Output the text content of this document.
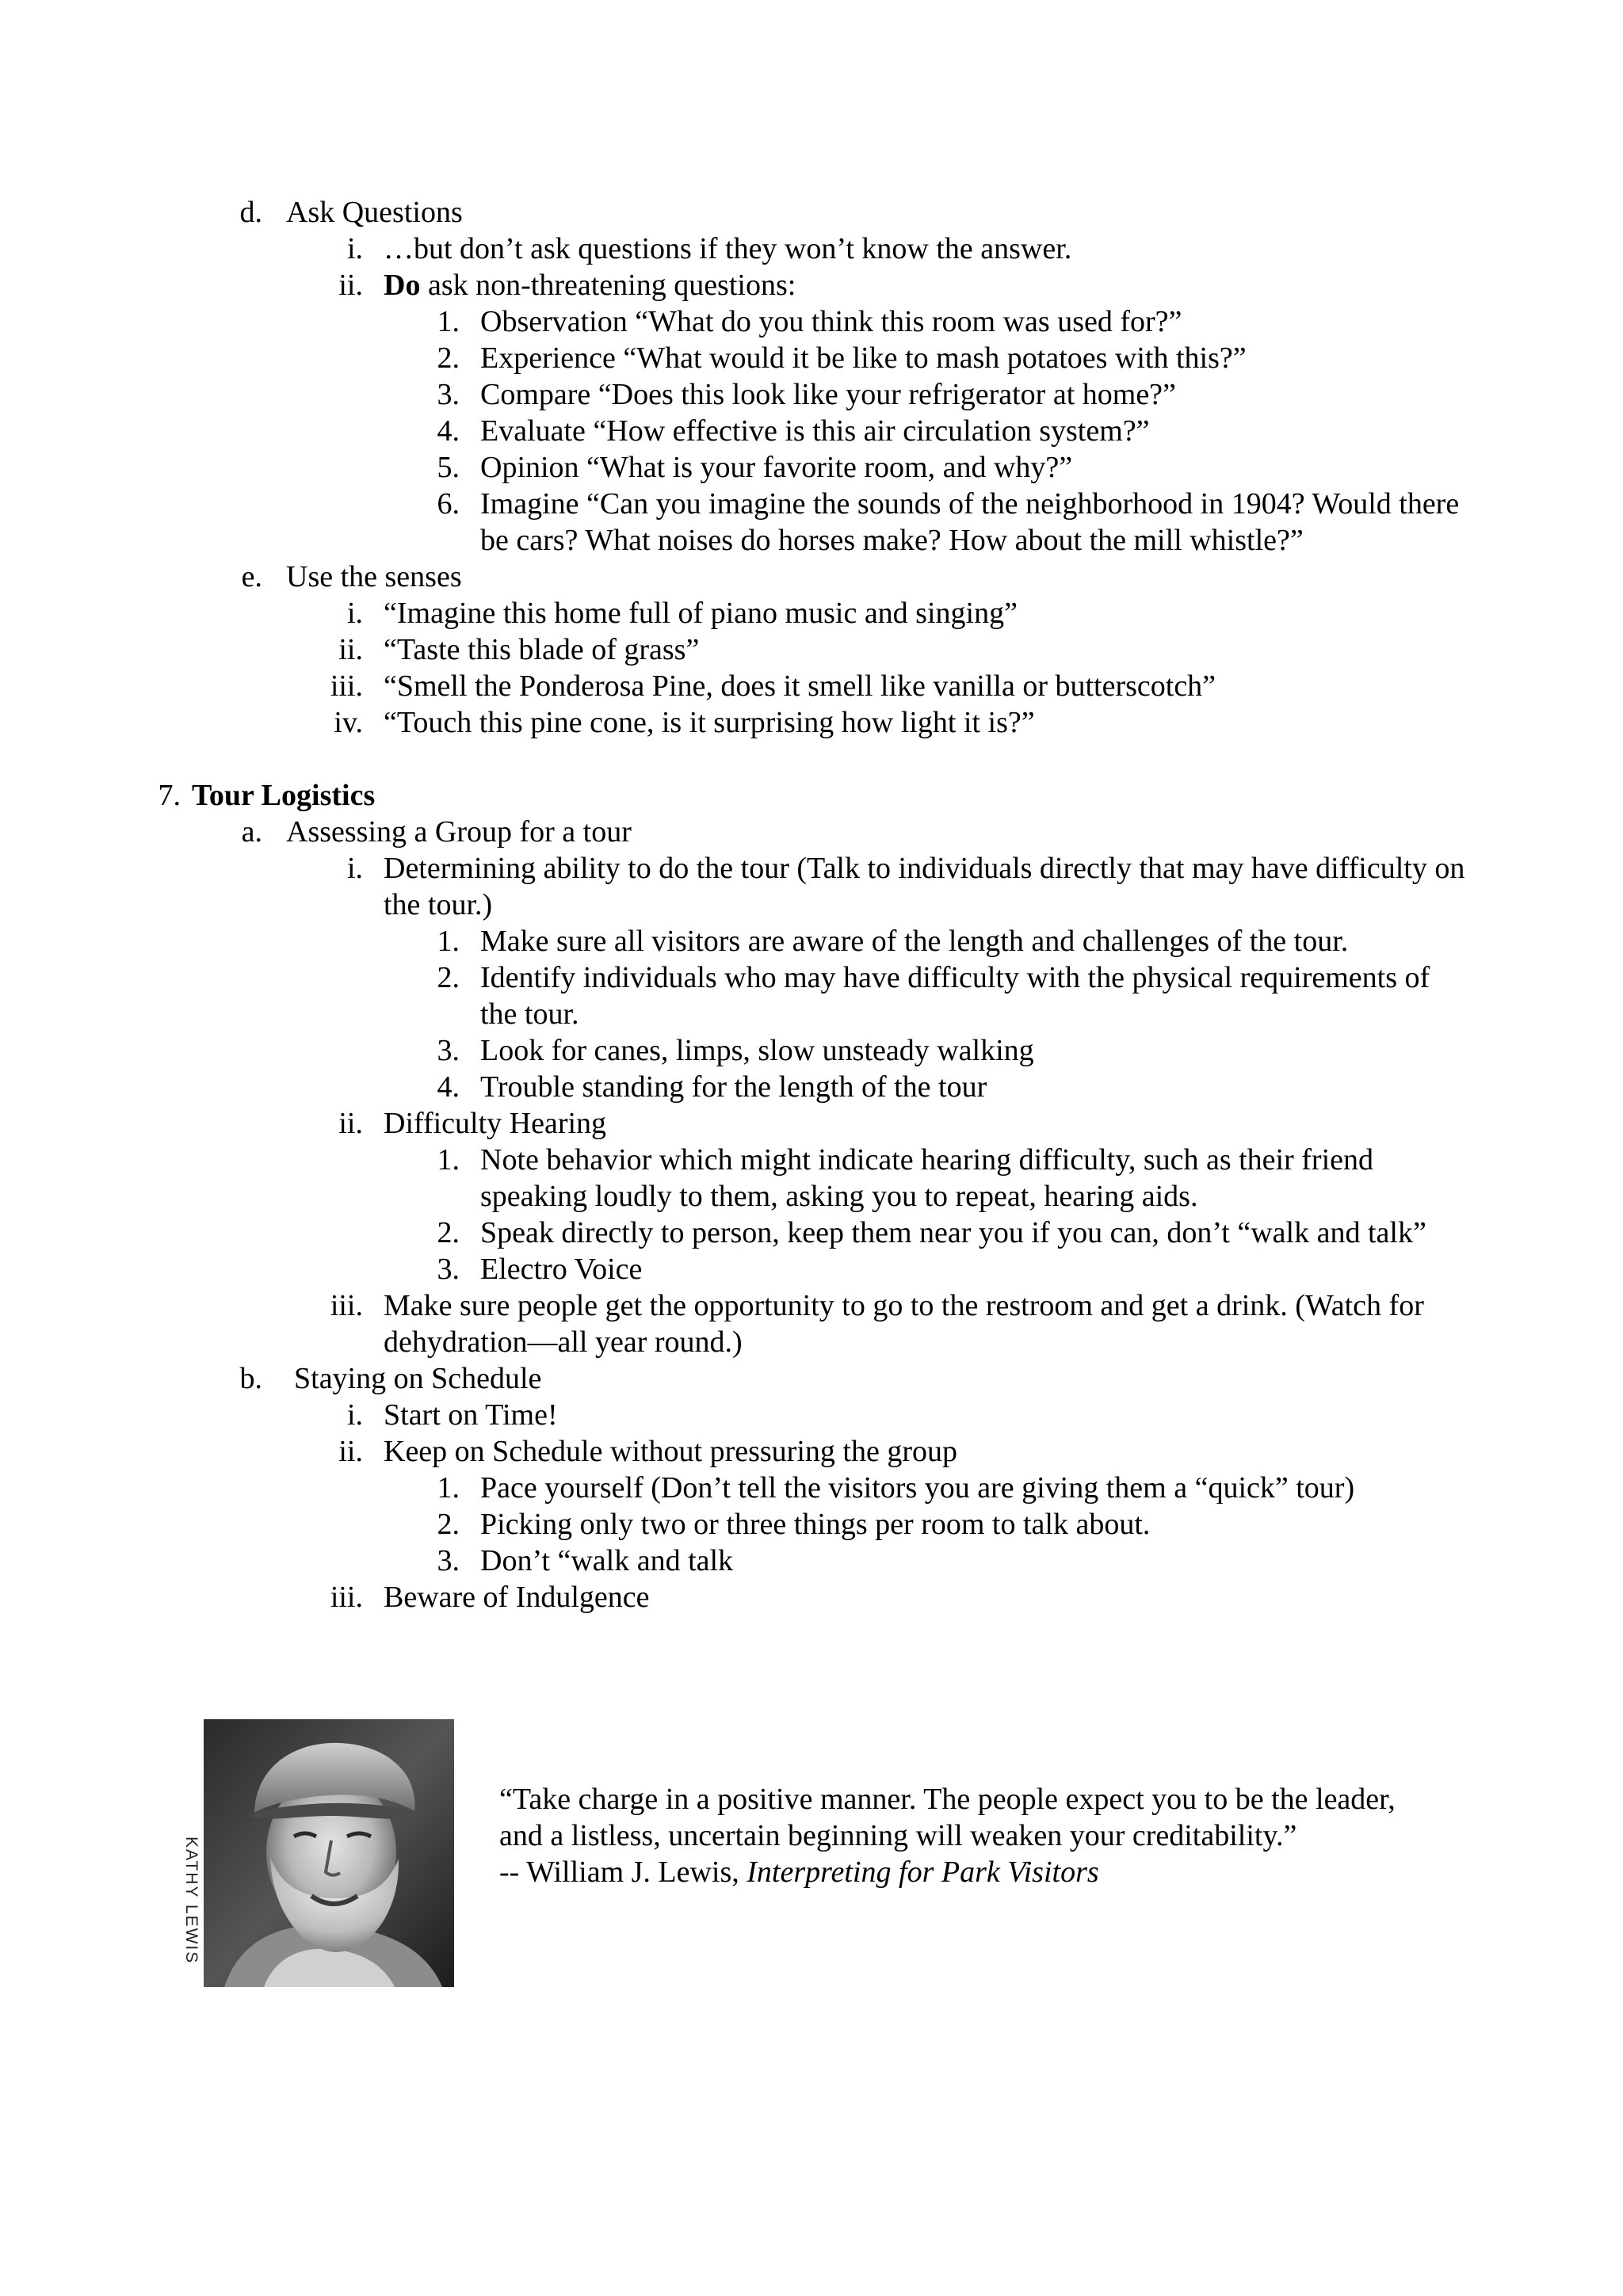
d. Ask Questions
i. …but don’t ask questions if they won’t know the answer.
ii. Do ask non-threatening questions:
1. Observation “What do you think this room was used for?”
2. Experience “What would it be like to mash potatoes with this?”
3. Compare “Does this look like your refrigerator at home?”
4. Evaluate “How effective is this air circulation system?”
5. Opinion “What is your favorite room, and why?”
6. Imagine “Can you imagine the sounds of the neighborhood in 1904? Would there
be cars? What noises do horses make? How about the mill whistle?”
e. Use the senses
i. “Imagine this home full of piano music and singing”
ii. “Taste this blade of grass”
iii. “Smell the Ponderosa Pine, does it smell like vanilla or butterscotch”
iv. “Touch this pine cone, is it surprising how light it is?”
7. Tour Logistics
a. Assessing a Group for a tour
i. Determining ability to do the tour (Talk to individuals directly that may have difficulty on
the tour.)
1. Make sure all visitors are aware of the length and challenges of the tour.
2. Identify individuals who may have difficulty with the physical requirements of
the tour.
3. Look for canes, limps, slow unsteady walking
4. Trouble standing for the length of the tour
ii. Difficulty Hearing
1. Note behavior which might indicate hearing difficulty, such as their friend
speaking loudly to them, asking you to repeat, hearing aids.
2. Speak directly to person, keep them near you if you can, don’t “walk and talk”
3. Electro Voice
iii. Make sure people get the opportunity to go to the restroom and get a drink. (Watch for
dehydration—all year round.)
b. Staying on Schedule
i. Start on Time!
ii. Keep on Schedule without pressuring the group
1. Pace yourself (Don’t tell the visitors you are giving them a “quick” tour)
2. Picking only two or three things per room to talk about.
3. Don’t “walk and talk
iii. Beware of Indulgence
KATHY LEWIS
“Take charge in a positive manner. The people expect you to be the leader,
and a listless, uncertain beginning will weaken your creditability.”
-- William J. Lewis, Interpreting for Park Visitors
